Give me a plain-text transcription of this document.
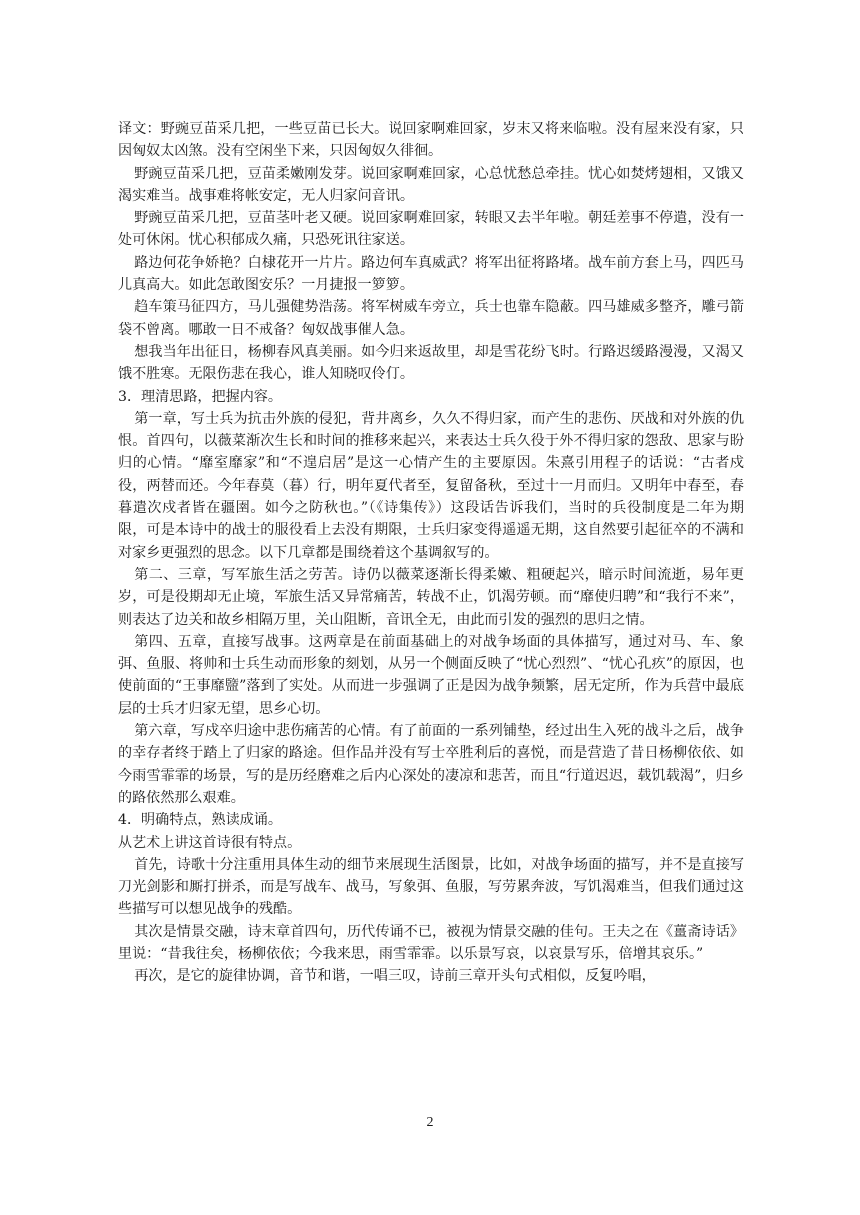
译文：野豌豆苗采几把，一些豆苗已长大。说回家啊难回家，岁末又将来临啦。没有屋来没有家，只因匈奴太凶煞。没有空闲坐下来，只因匈奴久徘徊。

野豌豆苗采几把，豆苗柔嫩刚发芽。说回家啊难回家，心总忧愁总牵挂。忧心如焚烤翅相，又饿又渴实难当。战事难将帐安定，无人归家问音讯。

野豌豆苗采几把，豆苗茎叶老又硬。说回家啊难回家，转眼又去半年啦。朝廷差事不停遣，没有一处可休闲。忧心积郁成久痛，只恐死讯往家送。

路边何花争娇艳？白棣花开一片片。路边何车真威武？将军出征将路堵。战车前方套上马，四匹马儿真高大。如此怎敢图安乐？一月捷报一箩箩。

趋车策马征四方，马儿强健势浩荡。将军树威车旁立，兵士也靠车隐蔽。四马雄威多整齐，雕弓箭袋不曾离。哪敢一日不戒备？匈奴战事催人急。

想我当年出征日，杨柳春风真美丽。如今归来返故里，却是雪花纷飞时。行路迟缓路漫漫，又渴又饿不胜寒。无限伤悲在我心，谁人知晓叹伶仃。

3．理清思路，把握内容。

第一章，写士兵为抗击外族的侵犯，背井离乡，久久不得归家，而产生的悲伤、厌战和对外族的仇恨。首四句，以薇菜渐次生长和时间的推移来起兴，来表达士兵久役于外不得归家的怨敌、思家与盼归的心情。“靡室靡家”和“不遑启居”是这一心情产生的主要原因。朱熹引用程子的话说：“古者戍役，两替而还。今年春莫（暮）行，明年夏代者至，复留备秋，至过十一月而归。又明年中春至，春暮遣次戍者皆在疆圉。如今之防秋也。”（《诗集传》）这段话告诉我们，当时的兵役制度是二年为期限，可是本诗中的战士的服役看上去没有期限，士兵归家变得遥遥无期，这自然要引起征卒的不满和对家乡更强烈的思念。以下几章都是围绕着这个基调叙写的。

第二、三章，写军旅生活之劳苦。诗仍以薇菜逐渐长得柔嫩、粗硬起兴，暗示时间流逝，易年更岁，可是役期却无止境，军旅生活又异常痛苦，转战不止，饥渴劳顿。而“靡使归聘”和“我行不来”，则表达了边关和故乡相隔万里，关山阻断，音讯全无，由此而引发的强烈的思归之情。

第四、五章，直接写战事。这两章是在前面基础上的对战争场面的具体描写，通过对马、车、象弭、鱼服、将帅和士兵生动而形象的刻划，从另一个侧面反映了“忧心烈烈”、“忧心孔疚”的原因，也使前面的“王事靡盬”落到了实处。从而进一步强调了正是因为战争频繁，居无定所，作为兵营中最底层的士兵才归家无望，思乡心切。

第六章，写戍卒归途中悲伤痛苦的心情。有了前面的一系列铺垫，经过出生入死的战斗之后，战争的幸存者终于踏上了归家的路途。但作品并没有写士卒胜利后的喜悦，而是营造了昔日杨柳依依、如今雨雪霏霏的场景，写的是历经磨难之后内心深处的凄凉和悲苦，而且“行道迟迟，载饥载渴”，归乡的路依然那么艰难。

4．明确特点，熟读成诵。

从艺术上讲这首诗很有特点。

首先，诗歌十分注重用具体生动的细节来展现生活图景，比如，对战争场面的描写，并不是直接写刀光剑影和厮打拼杀，而是写战车、战马，写象弭、鱼服，写劳累奔波，写饥渴难当，但我们通过这些描写可以想见战争的残酷。

其次是情景交融，诗末章首四句，历代传诵不已，被视为情景交融的佳句。王夫之在《薑斋诗话》里说：“昔我往矣，杨柳依依；今我来思，雨雪霏霏。以乐景写哀，以哀景写乐，倍增其哀乐。”

再次，是它的旋律协调，音节和谐，一唱三叹，诗前三章开头句式相似，反复吟唱，

2
